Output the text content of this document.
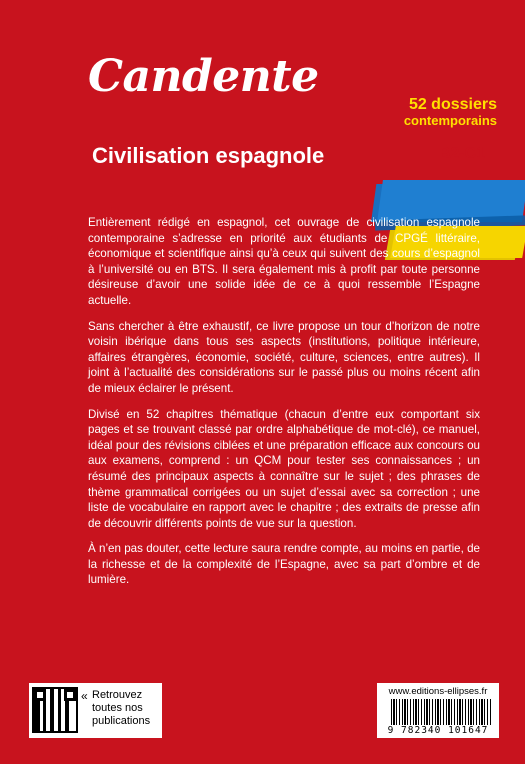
Candente
Civilisation espagnole
52 dossiers
contemporains
B2-C1

Entièrement rédigé en espagnol, cet ouvrage de civilisation espagnole contemporaine s’adresse en priorité aux étudiants de CPGÉ littéraire, économique et scientifique ainsi qu’à ceux qui suivent des cours d’espagnol à l’université ou en BTS. Il sera également mis à profit par toute personne désireuse d’avoir une solide idée de ce à quoi ressemble l’Espagne actuelle.

Sans chercher à être exhaustif, ce livre propose un tour d’horizon de notre voisin ibérique dans tous ses aspects (institutions, politique intérieure, affaires étrangères, économie, société, culture, sciences, entre autres). Il joint à l’actualité des considérations sur le passé plus ou moins récent afin de mieux éclairer le présent.

Divisé en 52 chapitres thématique (chacun d’entre eux comportant six pages et se trouvant classé par ordre alphabétique de mot-clé), ce manuel, idéal pour des révisions ciblées et une préparation efficace aux concours ou aux examens, comprend : un QCM pour tester ses connaissances ; un résumé des principaux aspects à connaître sur le sujet ; des phrases de thème grammatical corrigées ou un sujet d’essai avec sa correction ; une liste de vocabulaire en rapport avec le chapitre ; des extraits de presse afin de découvrir différents points de vue sur la question.

À n’en pas douter, cette lecture saura rendre compte, au moins en partie, de la richesse et de la complexité de l’Espagne, avec sa part d’ombre et de lumière.

« Retrouvez toutes nos publications
www.editions-ellipses.fr
9 782340 101647
